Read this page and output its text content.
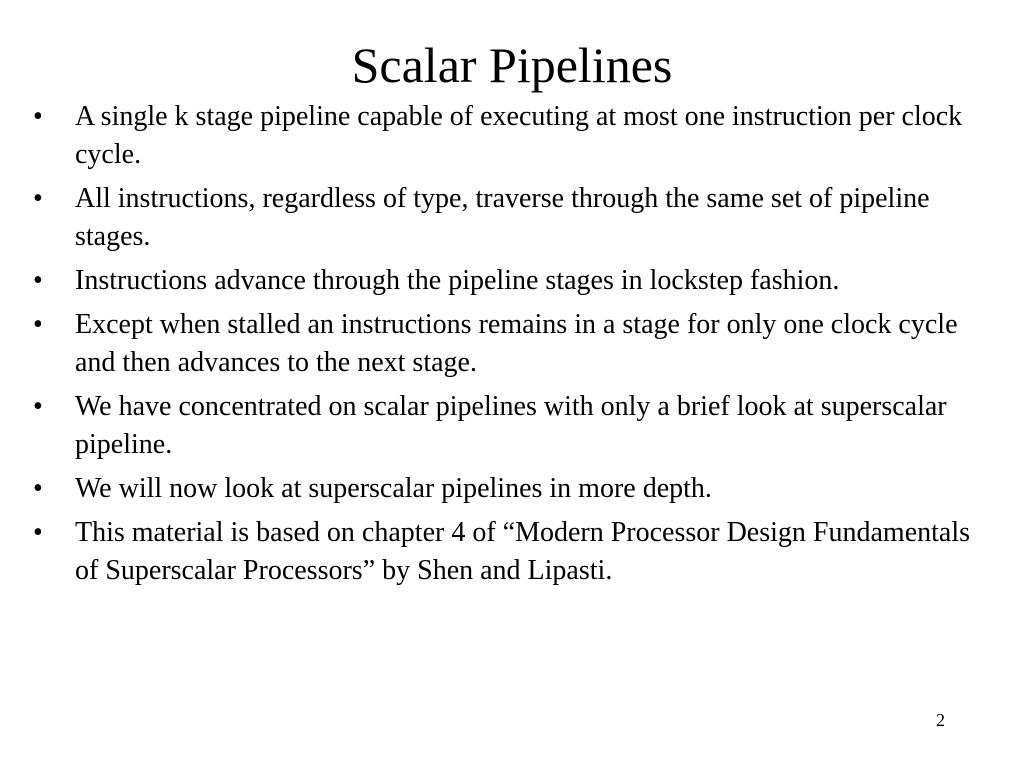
Scalar Pipelines
•	A single k stage pipeline capable of executing at most one instruction per clock cycle.
•	All instructions, regardless of type, traverse through the same set of pipeline stages.
•	Instructions advance through the pipeline stages in lockstep fashion.
•	Except when stalled an instructions remains in a stage for only one clock cycle and then advances to the next stage.
•	We have concentrated on scalar pipelines with only a brief look at superscalar pipeline.
•	We will now look at superscalar pipelines in more depth.
•	This material is based on chapter 4 of “Modern Processor Design Fundamentals of Superscalar Processors” by Shen and Lipasti.
2
